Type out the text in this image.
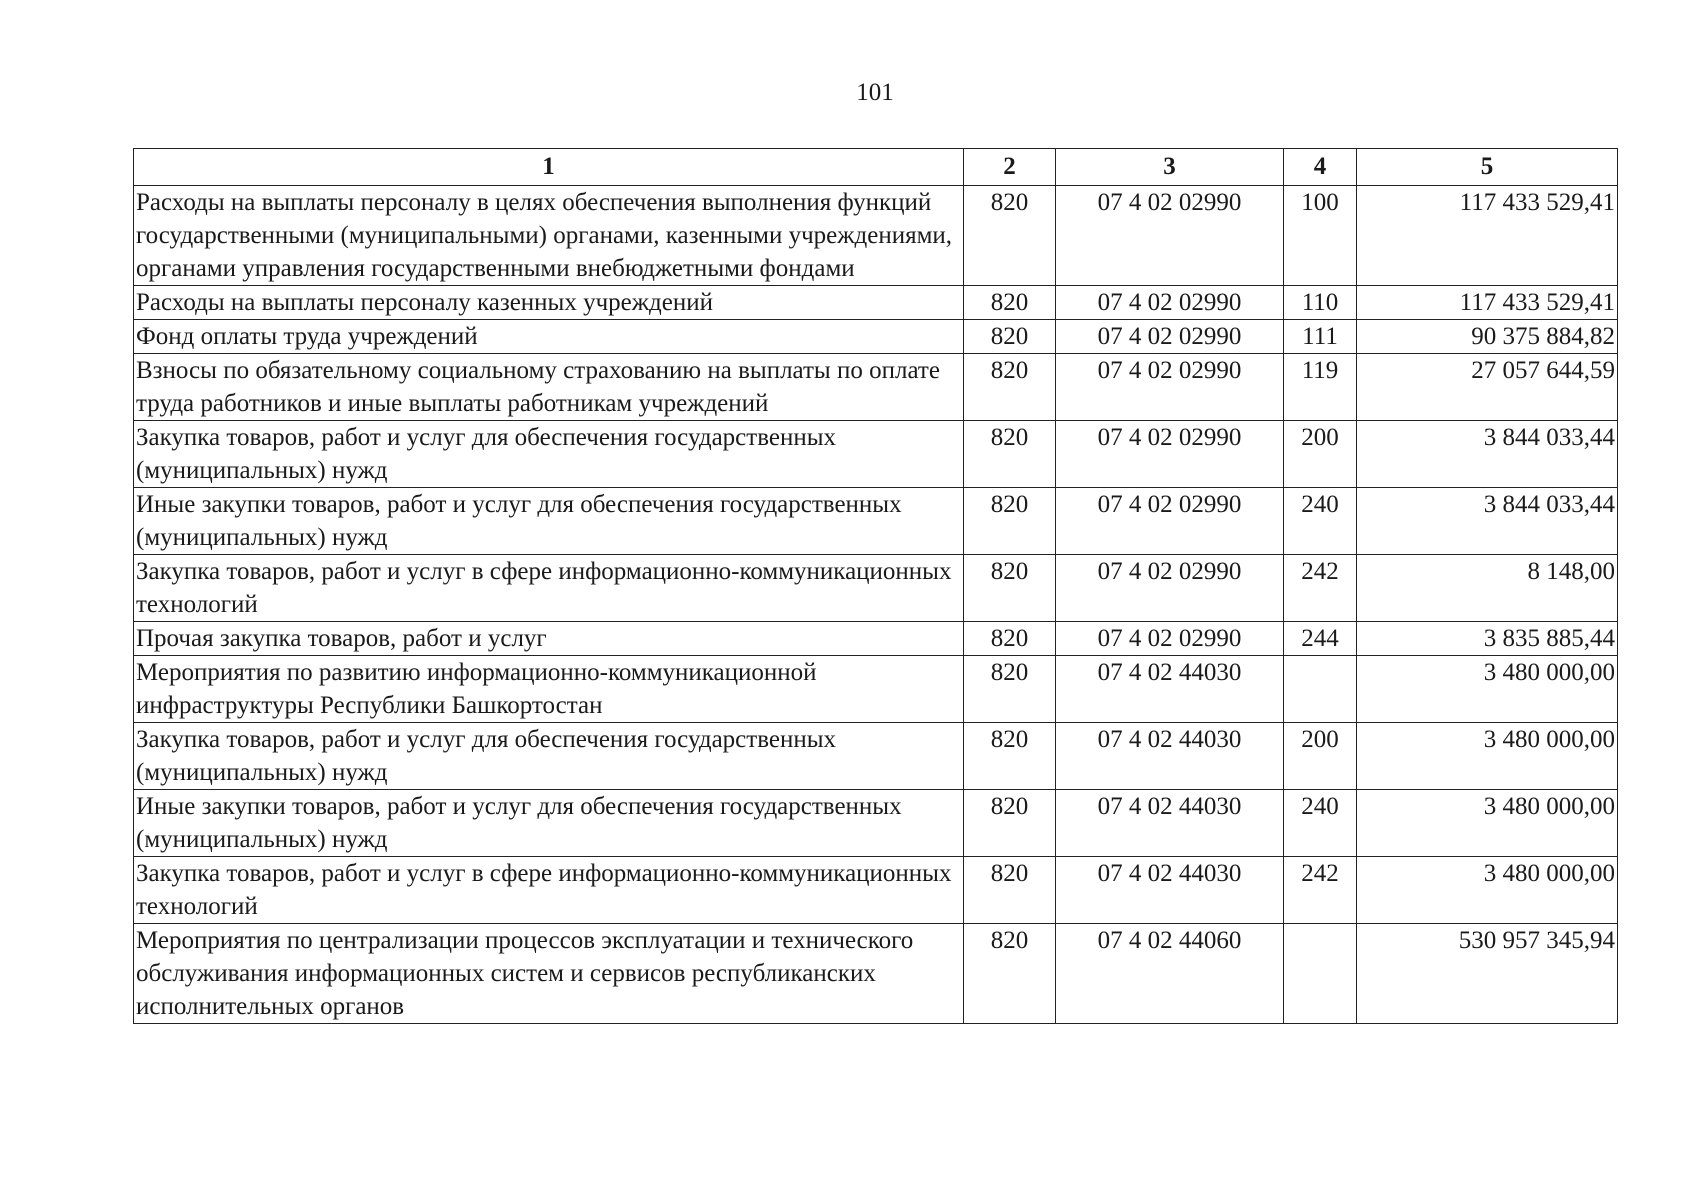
101
1	2	3	4	5
Расходы на выплаты персоналу в целях обеспечения выполнения функций государственными (муниципальными) органами, казенными учреждениями, органами управления государственными внебюджетными фондами	820	07 4 02 02990	100	117 433 529,41
Расходы на выплаты персоналу казенных учреждений	820	07 4 02 02990	110	117 433 529,41
Фонд оплаты труда учреждений	820	07 4 02 02990	111	90 375 884,82
Взносы по обязательному социальному страхованию на выплаты по оплате труда работников и иные выплаты работникам учреждений	820	07 4 02 02990	119	27 057 644,59
Закупка товаров, работ и услуг для обеспечения государственных (муниципальных) нужд	820	07 4 02 02990	200	3 844 033,44
Иные закупки товаров, работ и услуг для обеспечения государственных (муниципальных) нужд	820	07 4 02 02990	240	3 844 033,44
Закупка товаров, работ и услуг в сфере информационно-коммуникационных технологий	820	07 4 02 02990	242	8 148,00
Прочая закупка товаров, работ и услуг	820	07 4 02 02990	244	3 835 885,44
Мероприятия по развитию информационно-коммуникационной инфраструктуры Республики Башкортостан	820	07 4 02 44030		3 480 000,00
Закупка товаров, работ и услуг для обеспечения государственных (муниципальных) нужд	820	07 4 02 44030	200	3 480 000,00
Иные закупки товаров, работ и услуг для обеспечения государственных (муниципальных) нужд	820	07 4 02 44030	240	3 480 000,00
Закупка товаров, работ и услуг в сфере информационно-коммуникационных технологий	820	07 4 02 44030	242	3 480 000,00
Мероприятия по централизации процессов эксплуатации и технического обслуживания информационных систем и сервисов республиканских исполнительных органов	820	07 4 02 44060		530 957 345,94
